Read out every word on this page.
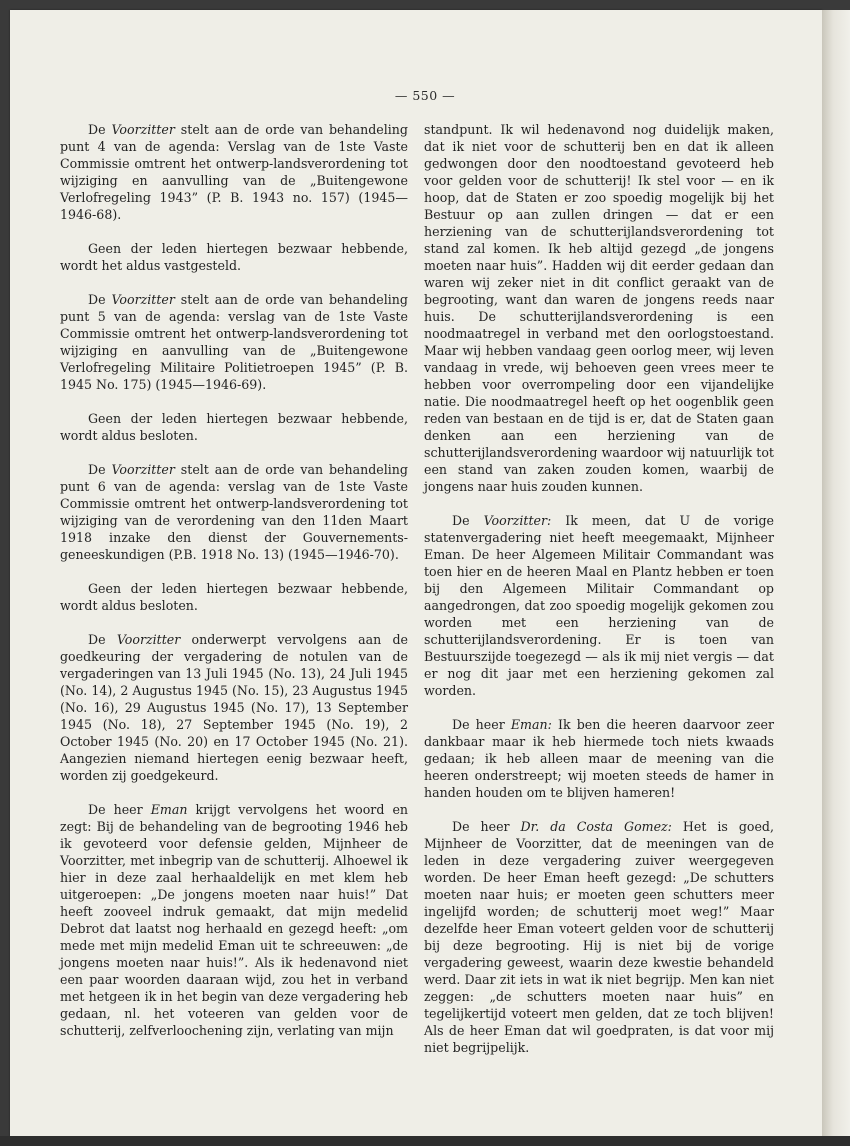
— 550 —

De Voorzitter stelt aan de orde van behandeling punt 4 van de agenda: Verslag van de 1ste Vaste Commissie omtrent het ontwerp-landsverordening tot wijziging en aanvulling van de „Buitengewone Verlofregeling 1943” (P. B. 1943 no. 157) (1945—1946-68).

Geen der leden hiertegen bezwaar hebbende, wordt het aldus vastgesteld.

De Voorzitter stelt aan de orde van behandeling punt 5 van de agenda: verslag van de 1ste Vaste Commissie omtrent het ontwerp-landsverordening tot wijziging en aanvulling van de „Buitengewone Verlofregeling Militaire Politietroepen 1945” (P. B. 1945 No. 175) (1945—1946-69).

Geen der leden hiertegen bezwaar hebbende, wordt aldus besloten.

De Voorzitter stelt aan de orde van behandeling punt 6 van de agenda: verslag van de 1ste Vaste Commissie omtrent het ontwerp-landsverordening tot wijziging van de verordening van den 11den Maart 1918 inzake den dienst der Gouvernements-geneeskundigen (P.B. 1918 No. 13) (1945—1946-70).

Geen der leden hiertegen bezwaar hebbende, wordt aldus besloten.

De Voorzitter onderwerpt vervolgens aan de goedkeuring der vergadering de notulen van de vergaderingen van 13 Juli 1945 (No. 13), 24 Juli 1945 (No. 14), 2 Augustus 1945 (No. 15), 23 Augustus 1945 (No. 16), 29 Augustus 1945 (No. 17), 13 September 1945 (No. 18), 27 September 1945 (No. 19), 2 October 1945 (No. 20) en 17 October 1945 (No. 21). Aangezien niemand hiertegen eenig bezwaar heeft, worden zij goedgekeurd.

De heer Eman krijgt vervolgens het woord en zegt: Bij de behandeling van de begrooting 1946 heb ik gevoteerd voor defensie gelden, Mijnheer de Voorzitter, met inbegrip van de schutterij. Alhoewel ik hier in deze zaal herhaaldelijk en met klem heb uitgeroepen: „De jongens moeten naar huis!” Dat heeft zooveel indruk gemaakt, dat mijn medelid Debrot dat laatst nog herhaald en gezegd heeft: „om mede met mijn medelid Eman uit te schreeuwen: „de jongens moeten naar huis!”. Als ik hedenavond niet een paar woorden daaraan wijd, zou het in verband met hetgeen ik in het begin van deze vergadering heb gedaan, nl. het voteeren van gelden voor de schutterij, zelfverloochening zijn, verlating van mijn

standpunt. Ik wil hedenavond nog duidelijk maken, dat ik niet voor de schutterij ben en dat ik alleen gedwongen door den noodtoestand gevoteerd heb voor gelden voor de schutterij! Ik stel voor — en ik hoop, dat de Staten er zoo spoedig mogelijk bij het Bestuur op aan zullen dringen — dat er een herziening van de schutterijlandsverordening tot stand zal komen. Ik heb altijd gezegd „de jongens moeten naar huis”. Hadden wij dit eerder gedaan dan waren wij zeker niet in dit conflict geraakt van de begrooting, want dan waren de jongens reeds naar huis. De schutterijlandsverordening is een noodmaatregel in verband met den oorlogstoestand. Maar wij hebben vandaag geen oorlog meer, wij leven vandaag in vrede, wij behoeven geen vrees meer te hebben voor overrompeling door een vijandelijke natie. Die noodmaatregel heeft op het oogenblik geen reden van bestaan en de tijd is er, dat de Staten gaan denken aan een herziening van de schutterijlandsverordening waardoor wij natuurlijk tot een stand van zaken zouden komen, waarbij de jongens naar huis zouden kunnen.

De Voorzitter: Ik meen, dat U de vorige statenvergadering niet heeft meegemaakt, Mijnheer Eman. De heer Algemeen Militair Commandant was toen hier en de heeren Maal en Plantz hebben er toen bij den Algemeen Militair Commandant op aangedrongen, dat zoo spoedig mogelijk gekomen zou worden met een herziening van de schutterijlandsverordening. Er is toen van Bestuurszijde toegezegd — als ik mij niet vergis — dat er nog dit jaar met een herziening gekomen zal worden.

De heer Eman: Ik ben die heeren daarvoor zeer dankbaar maar ik heb hiermede toch niets kwaads gedaan; ik heb alleen maar de meening van die heeren onderstreept; wij moeten steeds de hamer in handen houden om te blijven hameren!

De heer Dr. da Costa Gomez: Het is goed, Mijnheer de Voorzitter, dat de meeningen van de leden in deze vergadering zuiver weergegeven worden. De heer Eman heeft gezegd: „De schutters moeten naar huis; er moeten geen schutters meer ingelijfd worden; de schutterij moet weg!” Maar dezelfde heer Eman voteert gelden voor de schutterij bij deze begrooting. Hij is niet bij de vorige vergadering geweest, waarin deze kwestie behandeld werd. Daar zit iets in wat ik niet begrijp. Men kan niet zeggen: „de schutters moeten naar huis” en tegelijkertijd voteert men gelden, dat ze toch blijven! Als de heer Eman dat wil goedpraten, is dat voor mij niet begrijpelijk.
